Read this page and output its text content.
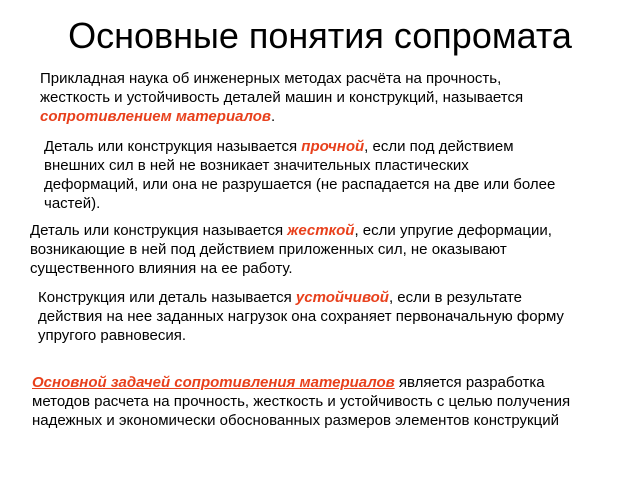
Основные понятия сопромата
Прикладная наука об инженерных методах расчёта на прочность,
жесткость и устойчивость деталей машин и конструкций, называется
сопротивлением материалов.
Деталь или конструкция называется прочной, если под действием
внешних сил в ней не возникает значительных пластических
деформаций, или она не разрушается (не распадается на две или более
частей).
Деталь или конструкция называется жесткой, если упругие деформации,
возникающие в ней под действием приложенных сил, не оказывают
существенного влияния на ее работу.
Конструкция или деталь называется устойчивой, если в результате
действия на нее заданных нагрузок она сохраняет первоначальную форму
упругого равновесия.
Основной задачей сопротивления материалов является разработка
методов расчета на прочность, жесткость и устойчивость с целью получения
надежных и экономически обоснованных размеров элементов конструкций
